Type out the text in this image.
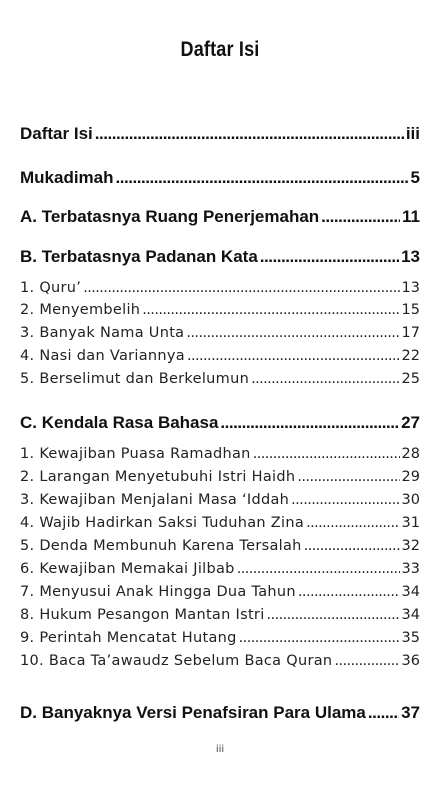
Daftar Isi
Daftar Isi . . .	iii
Mukadimah . . .	5
A. Terbatasnya Ruang Penerjemahan . . .	11
B. Terbatasnya Padanan Kata . . .	13
1. Quru’ . . .	13
2. Menyembelih . . .	15
3. Banyak Nama Unta . . .	17
4. Nasi dan Variannya . . .	22
5. Berselimut dan Berkelumun . . .	25
C. Kendala Rasa Bahasa . . .	27
1. Kewajiban Puasa Ramadhan . . .	28
2. Larangan Menyetubuhi Istri Haidh . . .	29
3. Kewajiban Menjalani Masa ‘Iddah . . .	30
4. Wajib Hadirkan Saksi Tuduhan Zina . . .	31
5. Denda Membunuh Karena Tersalah . . .	32
6. Kewajiban Memakai Jilbab . . .	33
7. Menyusui Anak Hingga Dua Tahun . . .	34
8. Hukum Pesangon Mantan Istri . . .	34
9. Perintah Mencatat Hutang . . .	35
10. Baca Ta’awaudz Sebelum Baca Quran . . .	36
D. Banyaknya Versi Penafsiran Para Ulama . . . 37
iii
